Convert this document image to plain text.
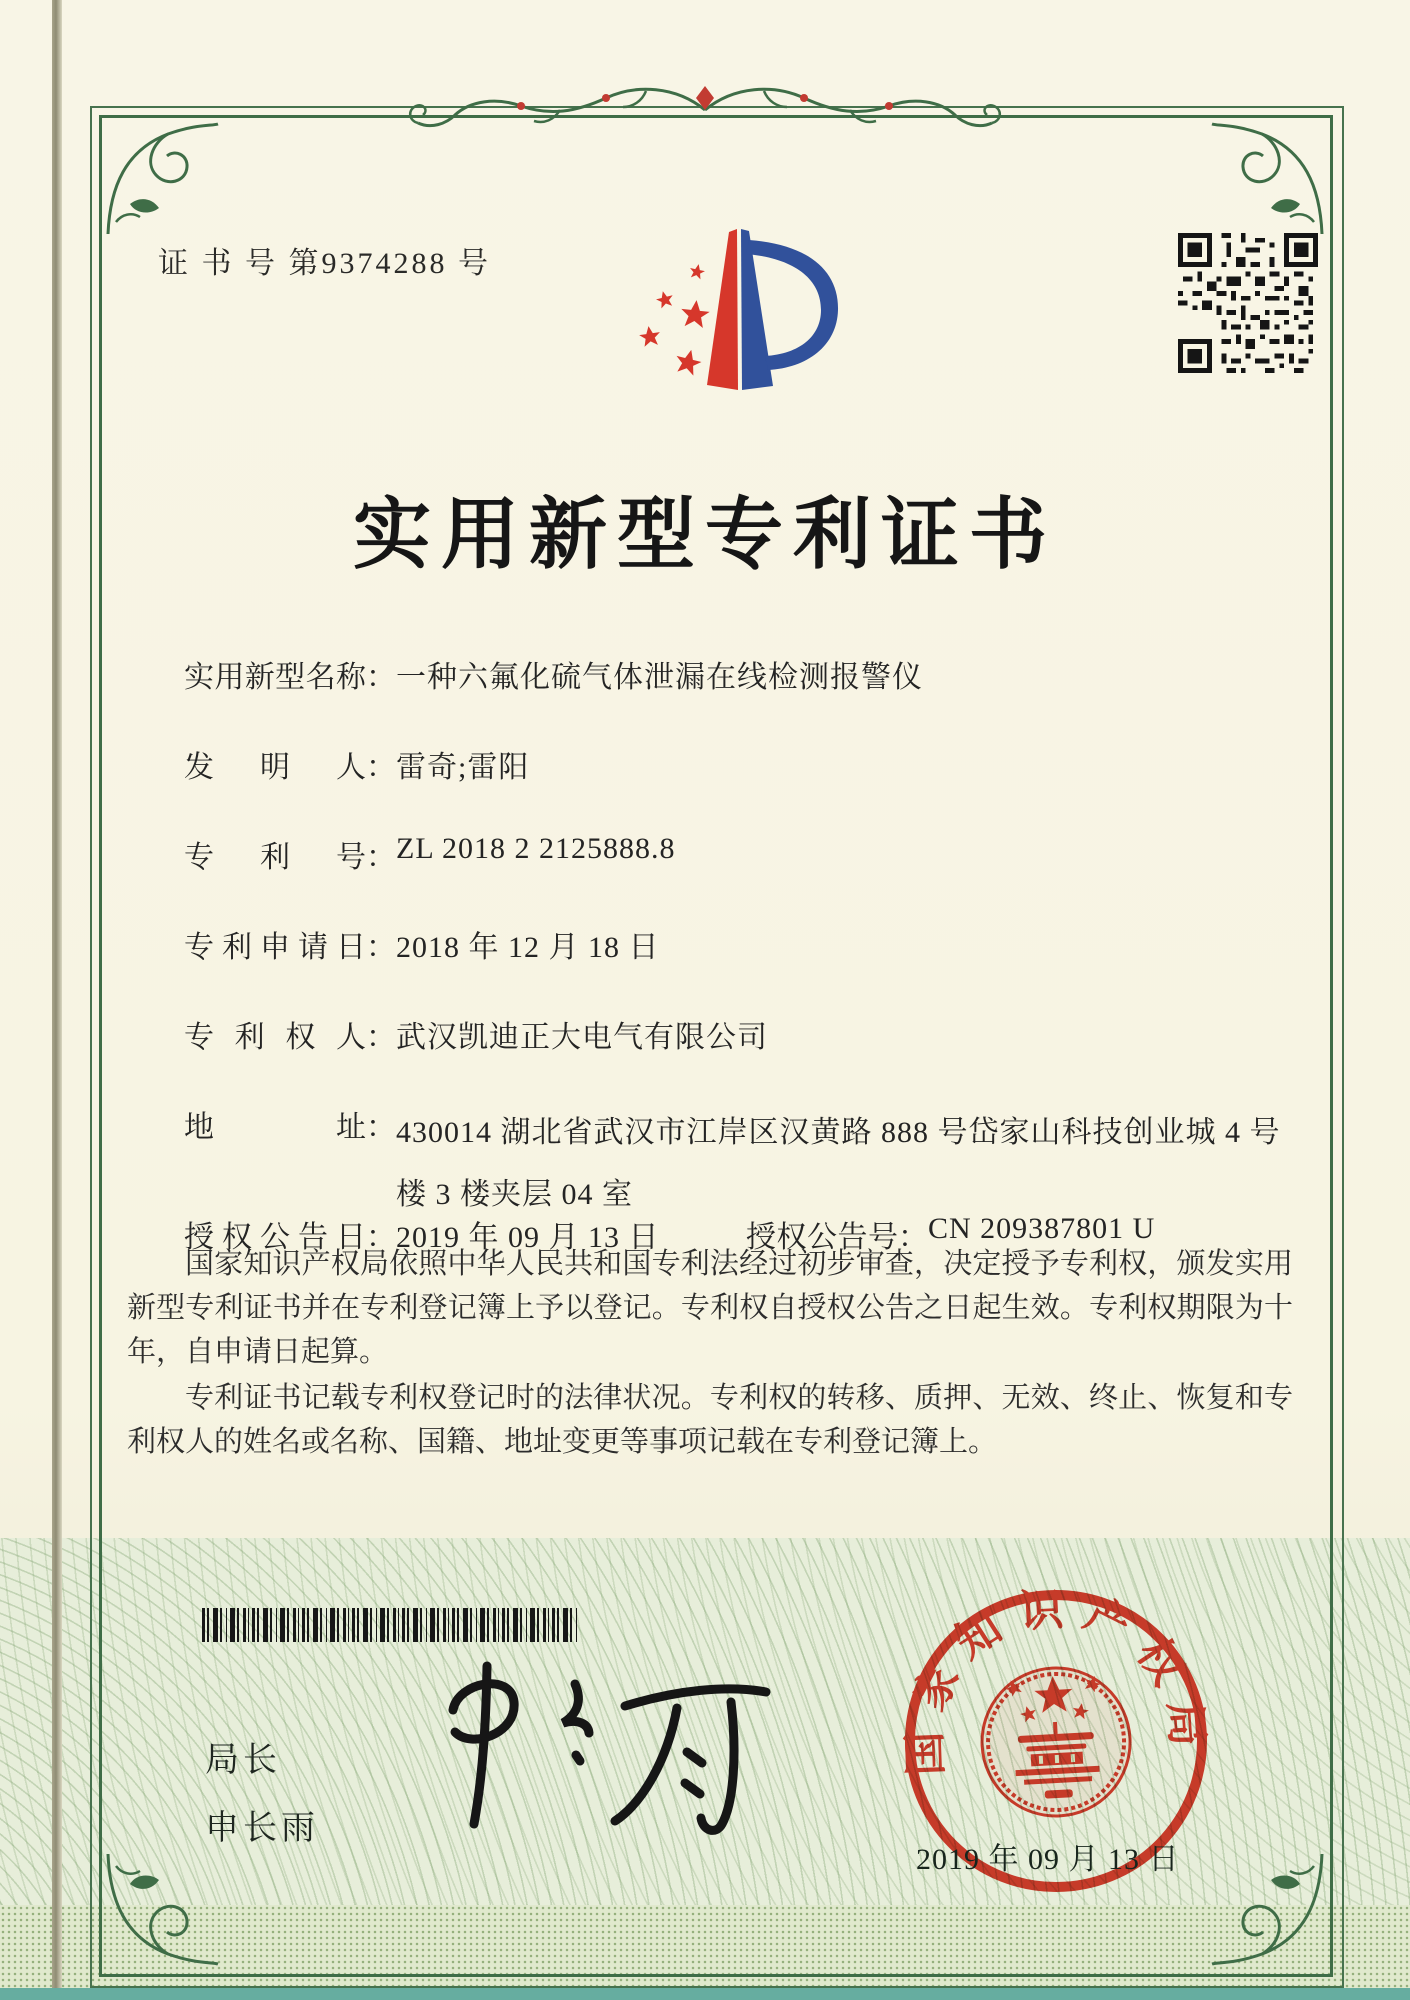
证 书 号 第9374288 号
实用新型专利证书
实 用 新 型 名 称 ：一种六氟化硫气体泄漏在线检测报警仪
发 明 人 ：雷奇;雷阳
专 利 号 ：ZL 2018 2 2125888.8
专 利 申 请 日 ：2018 年 12 月 18 日
专 利 权 人 ：武汉凯迪正大电气有限公司
地	址 ：430014 湖北省武汉市江岸区汉黄路 888 号岱家山科技创业城 4 号楼 3 楼夹层 04 室
授 权 公 告 日 ：2019 年 09 月 13 日	授 权 公 告 号 ：CN 209387801 U

国家知识产权局依照中华人民共和国专利法经过初步审查，决定授予专利权，颁发实用新型专利证书并在专利登记簿上予以登记。专利权自授权公告之日起生效。专利权期限为十年，自申请日起算。

专利证书记载专利权登记时的法律状况。专利权的转移、质押、无效、终止、恢复和专利权人的姓名或名称、国籍、地址变更等事项记载在专利登记簿上。

局长
申长雨
国家知识产权局
2019 年 09 月 13 日
